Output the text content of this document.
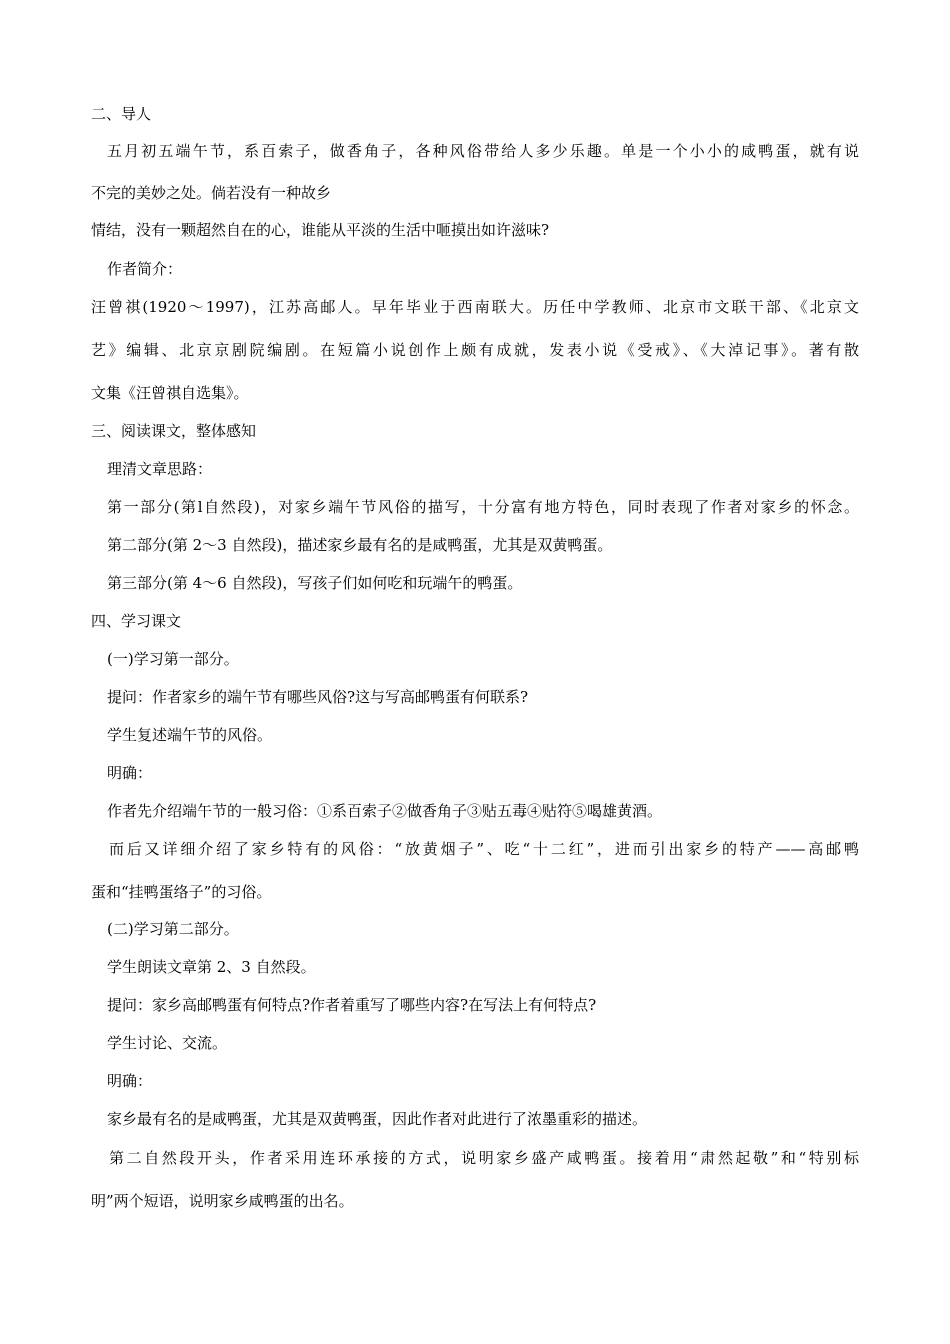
二、导人
五月初五端午节，系百索子，做香角子，各种风俗带给人多少乐趣。单是一个小小的咸鸭蛋，就有说
不完的美妙之处。倘若没有一种故乡
情结，没有一颗超然自在的心，谁能从平淡的生活中咂摸出如许滋味?
作者简介：
汪曾祺(1920～1997)，江苏高邮人。早年毕业于西南联大。历任中学教师、北京市文联干部、《北京文
艺》编辑、北京京剧院编剧。在短篇小说创作上颇有成就，发表小说《受戒》、《大淖记事》。著有散
文集《汪曾祺自选集》。
三、阅读课文，整体感知
理清文章思路：
第一部分(第l自然段)，对家乡端午节风俗的描写，十分富有地方特色，同时表现了作者对家乡的怀念。
第二部分(第 2～3 自然段)，描述家乡最有名的是咸鸭蛋，尤其是双黄鸭蛋。
第三部分(第 4～6 自然段)，写孩子们如何吃和玩端午的鸭蛋。
四、学习课文
(一)学习第一部分。
提问：作者家乡的端午节有哪些风俗?这与写高邮鸭蛋有何联系?
学生复述端午节的风俗。
明确：
作者先介绍端午节的一般习俗：①系百索子②做香角子③贴五毒④贴符⑤喝雄黄酒。
而后又详细介绍了家乡特有的风俗：“放黄烟子”、吃“十二红”，进而引出家乡的特产——高邮鸭
蛋和“挂鸭蛋络子”的习俗。
(二)学习第二部分。
学生朗读文章第 2、3 自然段。
提问：家乡高邮鸭蛋有何特点?作者着重写了哪些内容?在写法上有何特点?
学生讨论、交流。
明确：
家乡最有名的是咸鸭蛋，尤其是双黄鸭蛋，因此作者对此进行了浓墨重彩的描述。
第二自然段开头，作者采用连环承接的方式，说明家乡盛产咸鸭蛋。接着用“肃然起敬”和“特别标
明”两个短语，说明家乡咸鸭蛋的出名。
